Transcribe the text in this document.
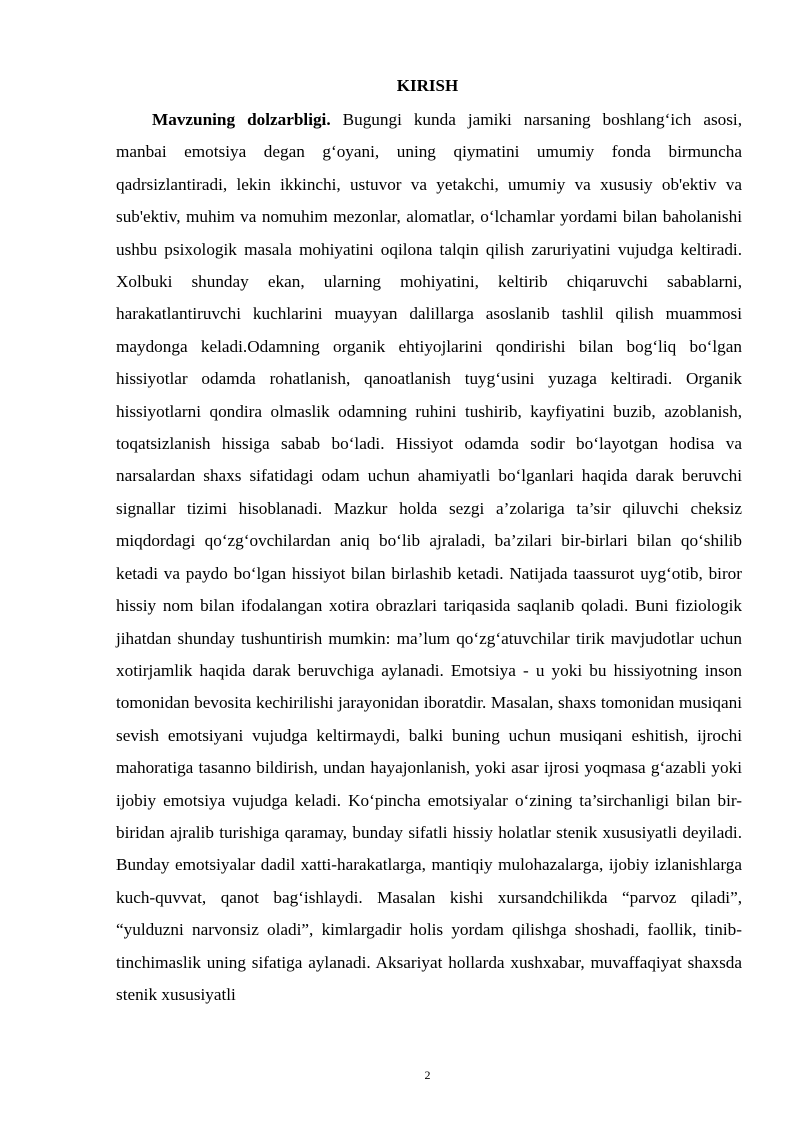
KIRISH

Mavzuning dolzarbligi. Bugungi kunda jamiki narsaning boshlang‘ich asosi, manbai emotsiya degan g‘oyani, uning qiymatini umumiy fonda birmuncha qadrsizlantiradi, lekin ikkinchi, ustuvor va yetakchi, umumiy va xususiy ob'ektiv va sub'ektiv, muhim va nomuhim mezonlar, alomatlar, o‘lchamlar yordami bilan baholanishi ushbu psixologik masala mohiyatini oqilona talqin qilish zaruriyatini vujudga keltiradi. Xolbuki shunday ekan, ularning mohiyatini, keltirib chiqaruvchi sabablarni, harakatlantiruvchi kuchlarini muayyan dalillarga asoslanib tashlil qilish muammosi maydonga keladi.Odamning organik ehtiyojlarini qondirishi bilan bog‘liq bo‘lgan hissiyotlar odamda rohatlanish, qanoatlanish tuyg‘usini yuzaga keltiradi. Organik hissiyotlarni qondira olmaslik odamning ruhini tushirib, kayfiyatini buzib, azoblanish, toqatsizlanish hissiga sabab bo‘ladi. Hissiyot odamda sodir bo‘layotgan hodisa va narsalardan shaxs sifatidagi odam uchun ahamiyatli bo‘lganlari haqida darak beruvchi signallar tizimi hisoblanadi. Mazkur holda sezgi a’zolariga ta’sir qiluvchi cheksiz miqdordagi qo‘zg‘ovchilardan aniq bo‘lib ajraladi, ba’zilari bir-birlari bilan qo‘shilib ketadi va paydo bo‘lgan hissiyot bilan birlashib ketadi. Natijada taassurot uyg‘otib, biror hissiy nom bilan ifodalangan xotira obrazlari tariqasida saqlanib qoladi. Buni fiziologik jihatdan shunday tushuntirish mumkin: ma’lum qo‘zg‘atuvchilar tirik mavjudotlar uchun xotirjamlik haqida darak beruvchiga aylanadi. Emotsiya - u yoki bu hissiyotning inson tomonidan bevosita kechirilishi jarayonidan iboratdir. Masalan, shaxs tomonidan musiqani sevish emotsiyani vujudga keltirmaydi, balki buning uchun musiqani eshitish, ijrochi mahoratiga tasanno bildirish, undan hayajonlanish, yoki asar ijrosi yoqmasa g‘azabli yoki ijobiy emotsiya vujudga keladi. Ko‘pincha emotsiyalar o‘zining ta’sirchanligi bilan bir-biridan ajralib turishiga qaramay, bunday sifatli hissiy holatlar stenik xususiyatli deyiladi. Bunday emotsiyalar dadil xatti-harakatlarga, mantiqiy mulohazalarga, ijobiy izlanishlarga kuch-quvvat, qanot bag‘ishlaydi. Masalan kishi xursandchilikda “parvoz qiladi”, “yulduzni narvonsiz oladi”, kimlargadir holis yordam qilishga shoshadi, faollik, tinib-tinchimaslik uning sifatiga aylanadi. Aksariyat hollarda xushxabar, muvaffaqiyat shaxsda stenik xususiyatli

2
